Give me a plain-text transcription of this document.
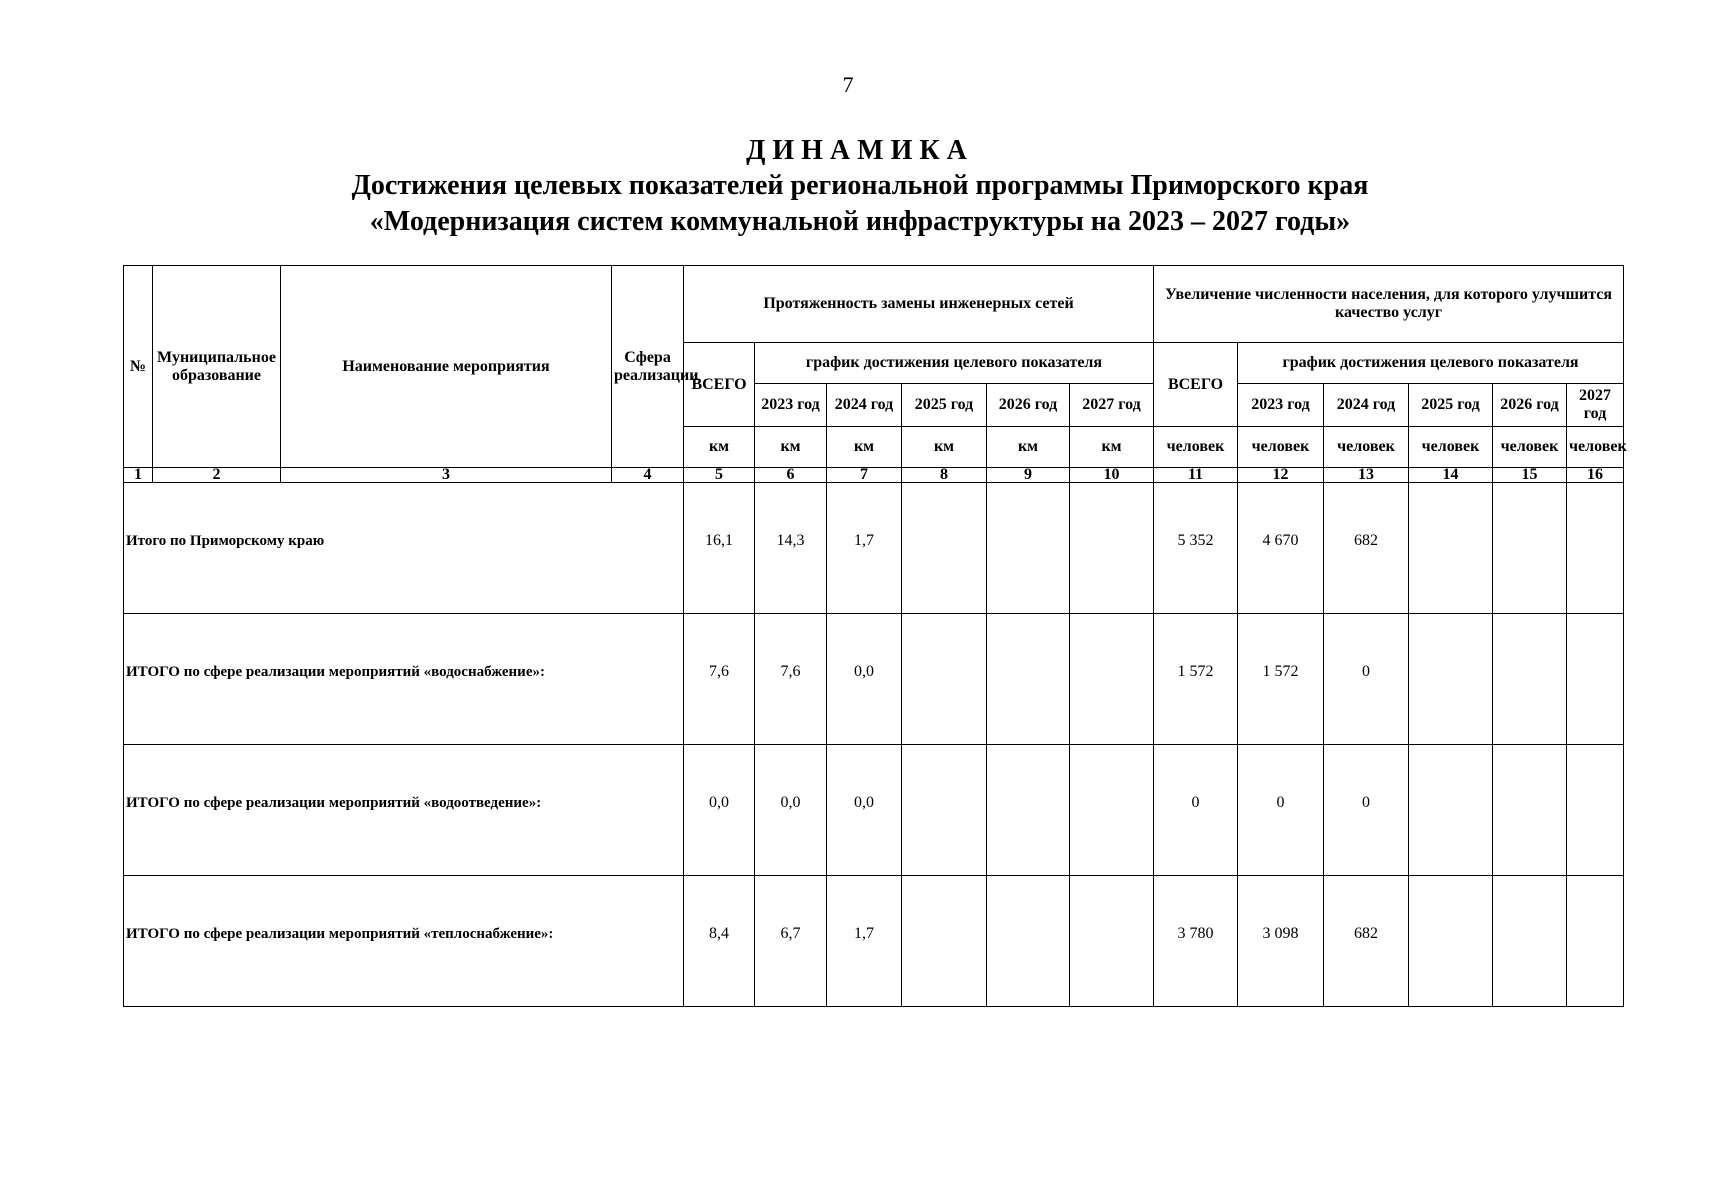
7
ДИНАМИКА
Достижения целевых показателей региональной программы Приморского края
«Модернизация систем коммунальной инфраструктуры на 2023 – 2027 годы»
№	Муниципальное образование	Наименование мероприятия	Сфера реализации	Протяженность замены инженерных сетей						Увеличение численности населения, для которого улучшится качество услуг					
				ВСЕГО	график достижения целевого показателя					ВСЕГО	график достижения целевого показателя				
					2023 год	2024 год	2025 год	2026 год	2027 год		2023 год	2024 год	2025 год	2026 год	2027 год
				км	км	км	км	км	км	человек	человек	человек	человек	человек	человек
1	2	3	4	5	6	7	8	9	10	11	12	13	14	15	16
Итого по Приморскому краю				16,1	14,3	1,7				5 352	4 670	682			
ИТОГО по сфере реализации мероприятий «водоснабжение»:				7,6	7,6	0,0				1 572	1 572	0			
ИТОГО по сфере реализации мероприятий «водоотведение»:				0,0	0,0	0,0				0	0	0			
ИТОГО по сфере реализации мероприятий «теплоснабжение»:				8,4	6,7	1,7				3 780	3 098	682			
